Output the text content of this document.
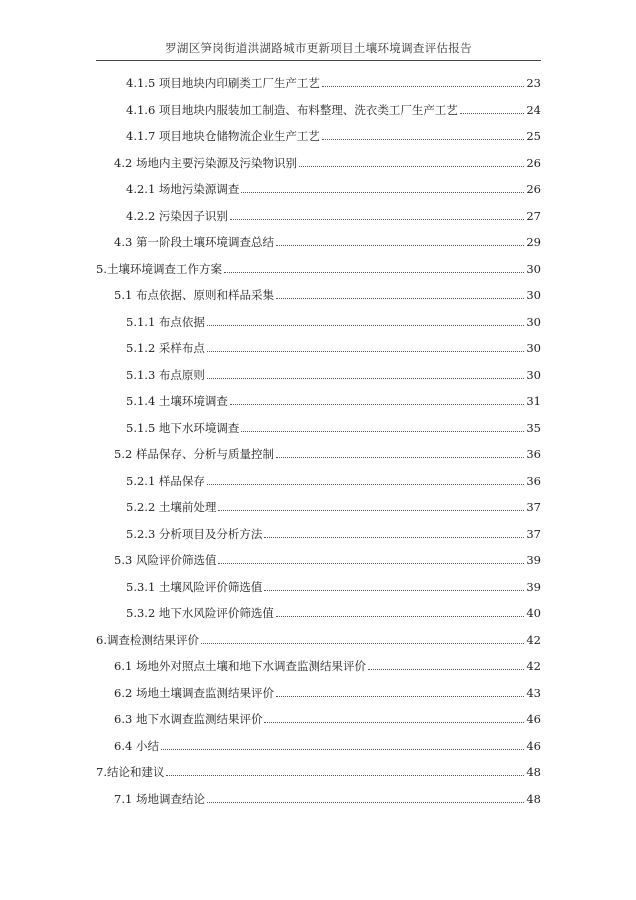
罗湖区笋岗街道洪湖路城市更新项目土壤环境调查评估报告
4.1.5 项目地块内印刷类工厂生产工艺	23
4.1.6 项目地块内服装加工制造、布料整理、洗衣类工厂生产工艺	24
4.1.7 项目地块仓储物流企业生产工艺	25
4.2 场地内主要污染源及污染物识别	26
4.2.1 场地污染源调查	26
4.2.2 污染因子识别	27
4.3 第一阶段土壤环境调查总结	29
5.土壤环境调查工作方案	30
5.1 布点依据、原则和样品采集	30
5.1.1 布点依据	30
5.1.2 采样布点	30
5.1.3 布点原则	30
5.1.4 土壤环境调查	31
5.1.5 地下水环境调查	35
5.2 样品保存、分析与质量控制	36
5.2.1 样品保存	36
5.2.2 土壤前处理	37
5.2.3 分析项目及分析方法	37
5.3 风险评价筛选值	39
5.3.1 土壤风险评价筛选值	39
5.3.2 地下水风险评价筛选值	40
6.调查检测结果评价	42
6.1 场地外对照点土壤和地下水调查监测结果评价	42
6.2 场地土壤调查监测结果评价	43
6.3 地下水调查监测结果评价	46
6.4 小结	46
7.结论和建议	48
7.1 场地调查结论	48
